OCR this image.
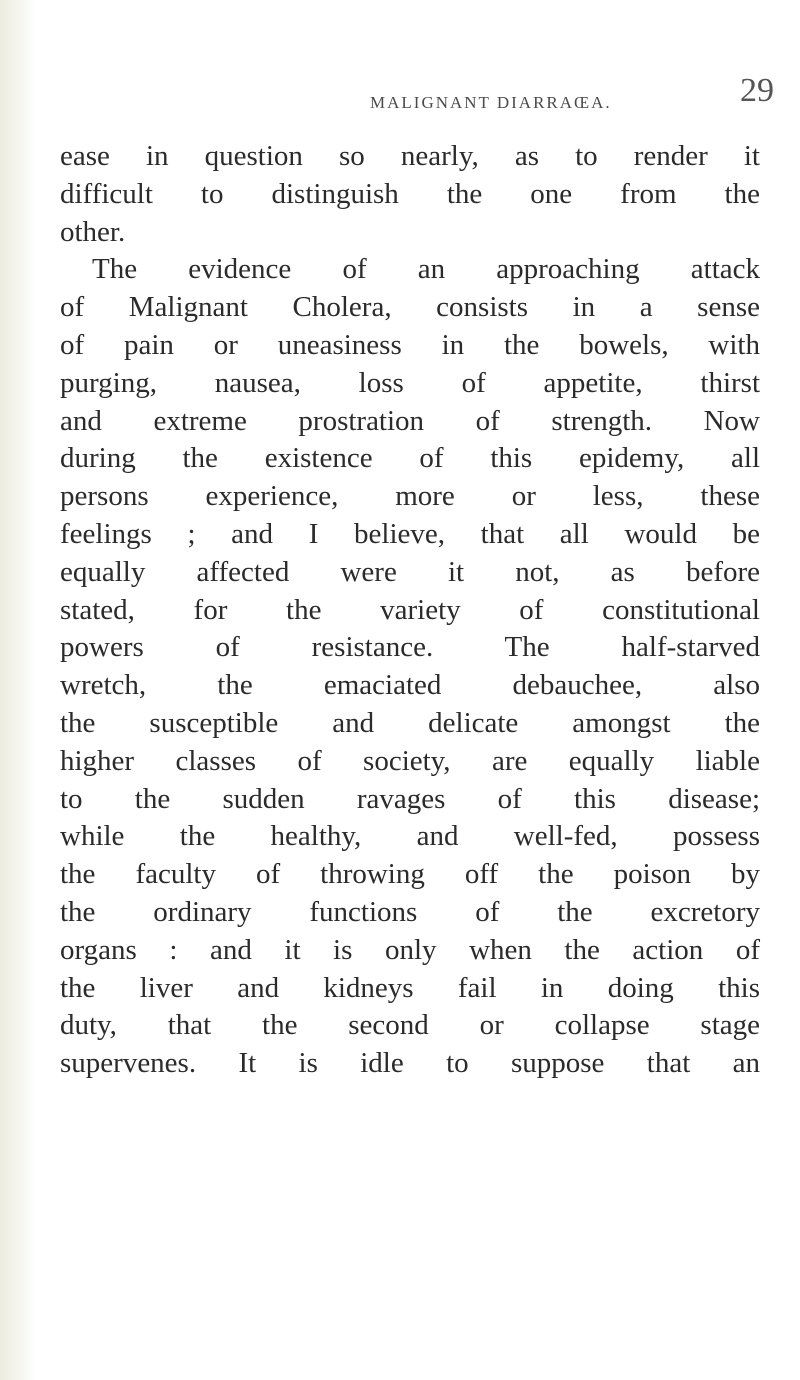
MALIGNANT DIARRAŒA.	29
ease in question so nearly, as to render it
difficult to distinguish the one from the
other.
The evidence of an approaching attack
of Malignant Cholera, consists in a sense
of pain or uneasiness in the bowels, with
purging, nausea, loss of appetite, thirst
and extreme prostration of strength. Now
during the existence of this epidemy, all
persons experience, more or less, these
feelings ; and I believe, that all would be
equally affected were it not, as before
stated, for the variety of constitutional
powers of resistance. The half-starved
wretch, the emaciated debauchee, also
the susceptible and delicate amongst the
higher classes of society, are equally liable
to the sudden ravages of this disease;
while the healthy, and well-fed, possess
the faculty of throwing off the poison by
the ordinary functions of the excretory
organs : and it is only when the action of
the liver and kidneys fail in doing this
duty, that the second or collapse stage
supervenes. It is idle to suppose that an
